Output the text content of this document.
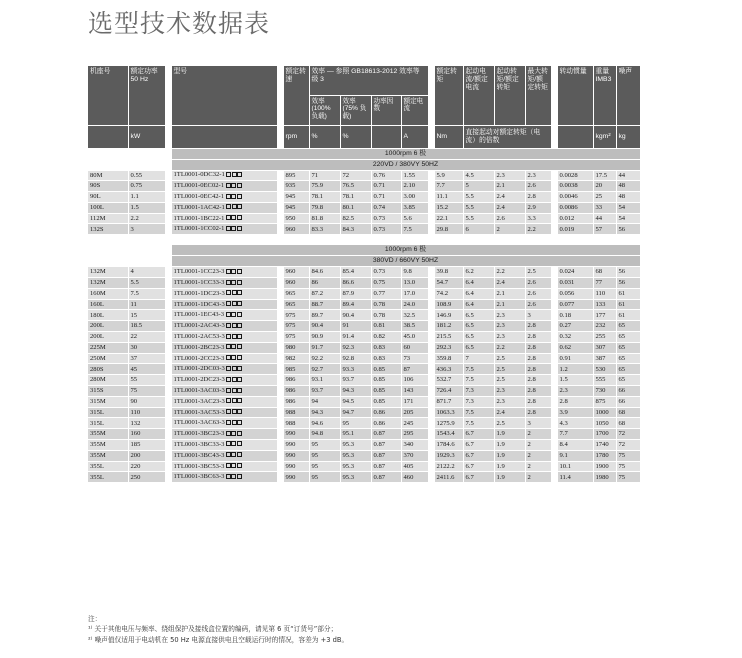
选型技术数据表
机座号	额定功率50 Hz		型号		额定转速	效率 — 参照 GB18613-2012 效率等级 3					额定转矩	起动电流/额定电流	起动转矩/额定转矩	最大转矩/额定转矩		转动惯量	重量 IMB3	噪声	
						效率(100% 负载)	效率(75% 负载)	功率因数	额定电流										
	kW				rpm	%	%		A		Nm	直接起动对额定转矩（电流）的倍数					kgm²	kg	
			1000rpm 6 极																
			220VD / 380VY 50HZ																
80M	0.55		1TL0001-0DC32-1		895	71	72	0.76	1.55		5.9	4.5	2.3	2.3		0.0028	17.5	44	
90S	0.75		1TL0001-0EC02-1		935	75.9	76.5	0.71	2.10		7.7	5	2.1	2.6		0.0038	20	48	
90L	1.1		1TL0001-0EC42-1		945	78.1	78.1	0.71	3.00		11.1	5.5	2.4	2.8		0.0046	25	48	
100L	1.5		1TL0001-1AC42-1		945	79.8	80.1	0.74	3.85		15.2	5.5	2.4	2.9		0.0086	33	54	
112M	2.2		1TL0001-1BC22-1		950	81.8	82.5	0.73	5.6		22.1	5.5	2.6	3.3		0.012	44	54	
132S	3		1TL0001-1CC02-1		960	83.3	84.3	0.73	7.5		29.8	6	2	2.2		0.019	57	56	

			1000rpm 6 极																
			380VD / 660VY 50HZ																
132M	4		1TL0001-1CC23-3		960	84.6	85.4	0.73	9.8		39.8	6.2	2.2	2.5		0.024	68	56	
132M	5.5		1TL0001-1CC33-3		960	86	86.6	0.75	13.0		54.7	6.4	2.4	2.6		0.031	77	56	
160M	7.5		1TL0001-1DC23-3		965	87.2	87.9	0.77	17.0		74.2	6.4	2.1	2.6		0.056	110	61	
160L	11		1TL0001-1DC43-3		965	88.7	89.4	0.78	24.0		108.9	6.4	2.1	2.6		0.077	133	61	
180L	15		1TL0001-1EC43-3		975	89.7	90.4	0.78	32.5		146.9	6.5	2.3	3		0.18	177	61	
200L	18.5		1TL0001-2AC43-3		975	90.4	91	0.81	38.5		181.2	6.5	2.3	2.8		0.27	232	65	
200L	22		1TL0001-2AC53-3		975	90.9	91.4	0.82	45.0		215.5	6.5	2.3	2.8		0.32	255	65	
225M	30		1TL0001-2BC23-3		980	91.7	92.3	0.83	60		292.3	6.5	2.2	2.8		0.62	307	65	
250M	37		1TL0001-2CC23-3		982	92.2	92.8	0.83	73		359.8	7	2.5	2.8		0.91	387	65	
280S	45		1TL0001-2DC03-3		985	92.7	93.3	0.85	87		436.3	7.5	2.5	2.8		1.2	530	65	
280M	55		1TL0001-2DC23-3		986	93.1	93.7	0.85	106		532.7	7.5	2.5	2.8		1.5	555	65	
315S	75		1TL0001-3AC03-3		986	93.7	94.3	0.85	143		726.4	7.3	2.3	2.8		2.3	730	66	
315M	90		1TL0001-3AC23-3		986	94	94.5	0.85	171		871.7	7.3	2.3	2.8		2.8	875	66	
315L	110		1TL0001-3AC53-3		988	94.3	94.7	0.86	205		1063.3	7.5	2.4	2.8		3.9	1000	68	
315L	132		1TL0001-3AC63-3		988	94.6	95	0.86	245		1275.9	7.5	2.5	3		4.3	1050	68	
355M	160		1TL0001-3BC23-3		990	94.8	95.1	0.87	295		1543.4	6.7	1.9	2		7.7	1700	72	
355M	185		1TL0001-3BC33-3		990	95	95.3	0.87	340		1784.6	6.7	1.9	2		8.4	1740	72	
355M	200		1TL0001-3BC43-3		990	95	95.3	0.87	370		1929.3	6.7	1.9	2		9.1	1780	75	
355L	220		1TL0001-3BC53-3		990	95	95.3	0.87	405		2122.2	6.7	1.9	2		10.1	1900	75	
355L	250		1TL0001-3BC63-3		990	95	95.3	0.87	460		2411.6	6.7	1.9	2		11.4	1980	75	
注：
¹⁾ 关于其他电压与频率、绕组保护及接线盒位置的编码，请见第 6 页“订货号”部分；
²⁾ 噪声值仅适用于电动机在 50 Hz 电源直接供电且空载运行时的情况，容差为 +3 dB。
